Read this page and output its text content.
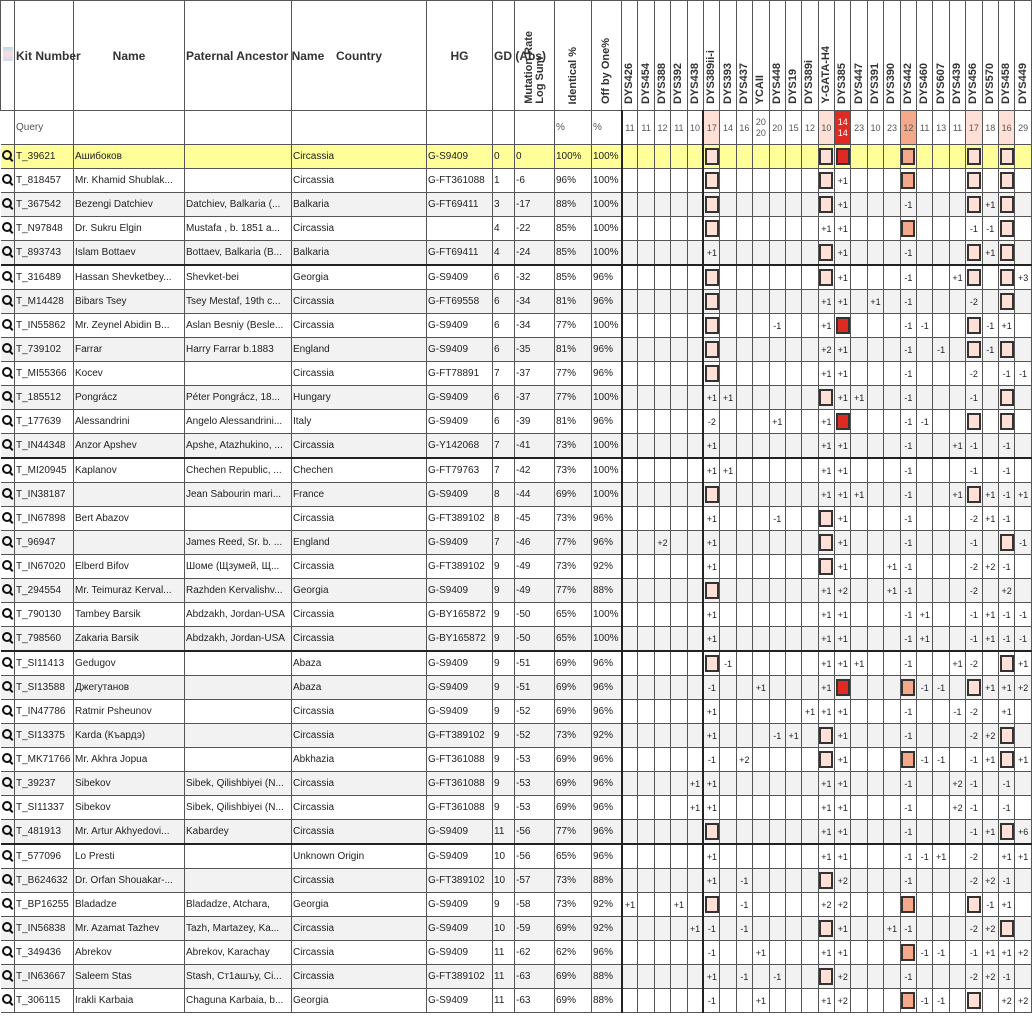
	Kit Number	Name	Paternal Ancestor Name	Country	HG	GD (Abs)	
Mutation Rate
Log Sum	Identical %	Off by One%	DYS426	DYS454	DYS388	DYS392	DYS438	DYS389ii-i	DYS393	DYS437	YCAII	DYS448	DYS19	DYS389i	Y-GATA-H4	DYS385	DYS447	DYS391	DYS390	DYS442	DYS460	DYS607	DYS439	DYS456	DYS570	DYS458	DYS449

	Query							%	%	11	11	12	11	10	17	14	16	20
20	20	15	12	10	14
14	23	10	23	12	11	13	11	17	18	16	29
	T_39621	Ашибоков		Circassia	G-S9409	0	0	100%	100%																									
	T_818457	Mr. Khamid Shublak...		Circassia	G-FT361088	1	-6	96%	100%														+1											
	T_367542	Bezengi Datchiev	Datchiev, Balkaria (...	Balkaria	G-FT69411	3	-17	88%	100%														+1				-1					+1		
	T_N97848	Dr. Sukru Elgin	Mustafa , b. 1851 a...	Circassia		4	-22	85%	100%													+1	+1								-1	-1		
	T_893743	Islam Bottaev	Bottaev, Balkaria (B...	Balkaria	G-FT69411	4	-24	85%	100%						+1								+1				-1					+1		
	T_316489	Hassan Shevketbey...	Shevket-bei	Georgia	G-S9409	6	-32	85%	96%														+1				-1			+1				+3
	T_M14428	Bibars Tsey	Tsey Mestaf, 19th c...	Circassia	G-FT69558	6	-34	81%	96%													+1	+1		+1		-1				-2			
	T_IN55862	Mr. Zeynel Abidin B...	Aslan Besniy (Besle...	Circassia	G-S9409	6	-34	77%	100%										-1			+1					-1	-1				-1	+1	
	T_739102	Farrar	Harry Farrar b.1883	England	G-S9409	6	-35	81%	96%													+2	+1				-1		-1			-1		
	T_MI55366	Kocev		Circassia	G-FT78891	7	-37	77%	96%													+1	+1				-1				-2		-1	-1
	T_185512	Pongrácz	Péter Pongrácz, 18...	Hungary	G-S9409	6	-37	77%	100%						+1	+1							+1	+1			-1				-1			
	T_177639	Alessandrini	Angelo Alessandrini...	Italy	G-S9409	6	-39	81%	96%						-2				+1			+1					-1	-1						
	T_IN44348	Anzor Apshev	Apshe, Atazhukino, ...	Circassia	G-Y142068	7	-41	73%	100%						+1							+1	+1				-1			+1	-1		-1	
	T_MI20945	Kaplanov	Chechen Republic, ...	Chechen	G-FT79763	7	-42	73%	100%						+1	+1						+1	+1				-1				-1		-1	
	T_IN38187		Jean Sabourin mari...	France	G-S9409	8	-44	69%	100%													+1	+1	+1			-1			+1		+1	-1	+1
	T_IN67898	Bert Abazov		Circassia	G-FT389102	8	-45	73%	96%						+1				-1				+1				-1				-2	+1	-1	
	T_96947		James Reed, Sr. b. ...	England	G-S9409	7	-46	77%	96%			+2			+1								+1				-1				-1			-1
	T_IN67020	Elberd Bifov	Шоме (Щзумей, Щ...	Circassia	G-FT389102	9	-49	73%	92%						+1								+1			+1	-1				-2	+2	-1	
	T_294554	Mr. Teimuraz Kerval...	Razhden Kervalishv...	Georgia	G-S9409	9	-49	77%	88%													+1	+2			+1	-1				-2		+2	
	T_790130	Tambey Barsik	Abdzakh, Jordan-USA	Circassia	G-BY165872	9	-50	65%	100%						+1							+1	+1				-1	+1			-1	+1	-1	-1
	T_798560	Zakaria Barsik	Abdzakh, Jordan-USA	Circassia	G-BY165872	9	-50	65%	100%						+1							+1	+1				-1	+1			-1	+1	-1	-1
	T_SI11413	Gedugov		Abaza	G-S9409	9	-51	69%	96%							-1						+1	+1	+1			-1			+1	-2			+1
	T_SI13588	Джегутанов		Abaza	G-S9409	9	-51	69%	96%						-1			+1				+1						-1	-1			+1	+1	+2
	T_IN47786	Ratmir Psheunov		Circassia	G-S9409	9	-52	69%	96%						+1						+1	+1	+1				-1			-1	-2		+1	
	T_SI13375	Karda (Къардэ)		Circassia	G-FT389102	9	-52	73%	92%						+1				-1	+1			+1				-1				-2	+2		
	T_MK71766	Mr. Akhra Jopua		Abkhazia	G-FT361088	9	-53	69%	96%						-1		+2						+1					-1	-1		-1	+1		+1
	T_39237	Sibekov	Sibek, Qilishbiyei (N...	Circassia	G-FT361088	9	-53	69%	96%					+1	+1							+1	+1				-1			+2	-1		-1	
	T_SI11337	Sibekov	Sibek, Qilishbiyei (N...	Circassia	G-FT361088	9	-53	69%	96%					+1	+1							+1	+1				-1			+2	-1		-1	
	T_481913	Mr. Artur Akhyedovi...	Kabardey	Circassia	G-S9409	11	-56	77%	96%													+1	+1				-1				-1	+1		+6
	T_577096	Lo Presti		Unknown Origin	G-S9409	10	-56	65%	96%						+1							+1	+1				-1	-1	+1		-2		+1	+1
	T_B624632	Dr. Orfan Shouakar-...		Circassia	G-FT389102	10	-57	73%	88%						+1		-1						+2				-1				-2	+2	-1	
	T_BP16255	Bladadze	Bladadze, Atchara,	Georgia	G-S9409	9	-58	73%	92%	+1			+1				-1					+2	+2									-1	+1	
	T_IN56838	Mr. Azamat Tazhev	Tazh, Martazey, Ka...	Circassia	G-S9409	10	-59	69%	92%					+1	-1		-1						+1			+1	-1				-2	+2		
	T_349436	Abrekov	Abrekov, Karachay	Circassia	G-S9409	11	-62	62%	96%						-1			+1				+1	+1					-1	-1		-1	+1	+1	+2
	T_IN63667	Saleem Stas	Stash, Ст1ашъу, Ci...	Circassia	G-FT389102	11	-63	69%	88%						+1		-1		-1				+2				-1				-2	+2	-1	
	T_306115	Irakli Karbaia	Chaguna Karbaia, b...	Georgia	G-S9409	11	-63	69%	88%						-1			+1				+1	+2					-1	-1				+2	+2
